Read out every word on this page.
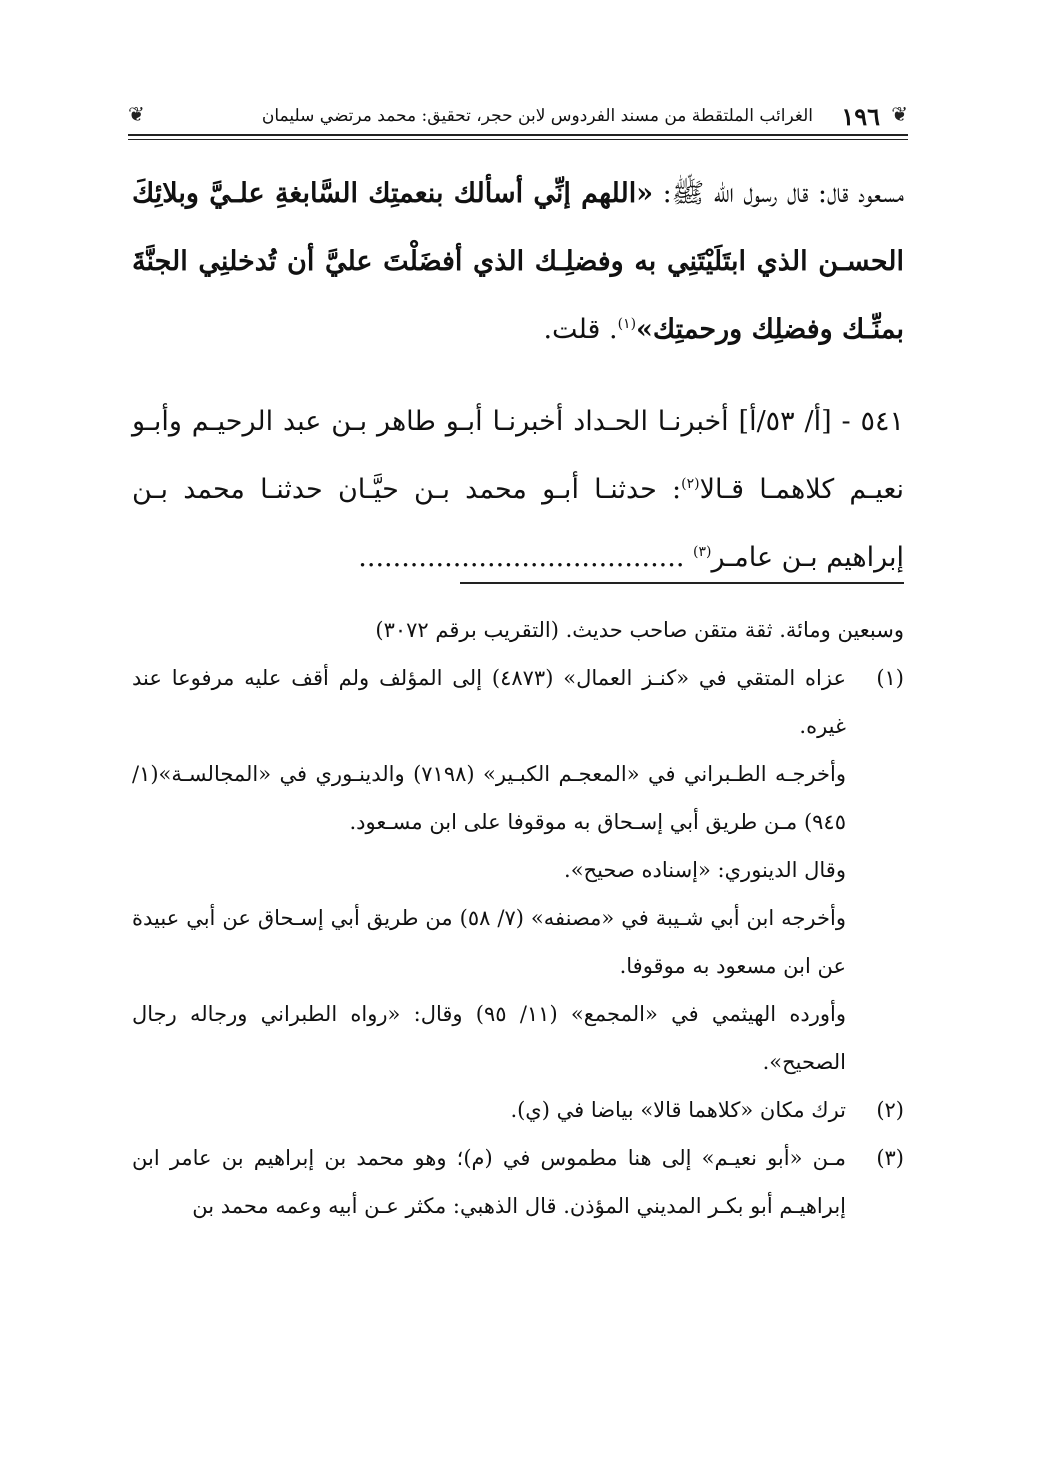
❦
١٩٦
الغرائب الملتقطة من مسند الفردوس لابن حجر، تحقيق: محمد مرتضي سليمان
❦

مسعود قال: قال رسول الله ﷺ: «اللهم إنِّي أسألك بنعمتِك السَّابغةِ علـيَّ وبلائِكَ الحسـن الذي ابتَلَيْتَنِي به وفضلِـك الذي أفضَلْتَ عليَّ أن تُدخلنِي الجنَّةَ بمنِّـك وفضلِك ورحمتِك»$^{(١)}$. قلت.

٥٤١ - [أ/ ٥٣/أ] أخبرنـا الحـداد أخبرنـا أبـو طاهر بـن عبد الرحيـم وأبـو نعيـم كلاهمـا قـالا$^{(٢)}$: حدثنـا أبـو محمد بـن حيَّـان حدثنـا محمد بـن إبراهيم بـن عامـر$^{(٣)}$ ......................................

وسبعين ومائة. ثقة متقن صاحب حديث. (التقريب برقم ٣٠٧٢)

(١)

عزاه المتقي في «كنـز العمال» (٤٨٧٣) إلى المؤلف ولم أقف عليه مرفوعا عند غيره.

وأخرجـه الطـبراني في «المعجـم الكبـير» (٧١٩٨) والدينـوري في «المجالسـة»(١/ ٩٤٥) مـن طريق أبي إسـحاق به موقوفا على ابن مسـعود.

وقال الدينوري: «إسناده صحيح».

وأخرجه ابن أبي شـيبة في «مصنفه» (٧/ ٥٨) من طريق أبي إسـحاق عن أبي عبيدة عن ابن مسعود به موقوفا.

وأورده الهيثمي في «المجمع» (١١/ ٩٥) وقال: «رواه الطبراني ورجاله رجال الصحيح».

(٢)

ترك مكان «كلاهما قالا» بياضا في (ي).

(٣)

مـن «أبو نعيـم» إلى هنا مطموس في (م)؛ وهو محمد بن إبراهيم بن عامر ابن إبراهيـم أبو بكـر المديني المؤذن. قال الذهبي: مكثر عـن أبيه وعمه محمد بن
